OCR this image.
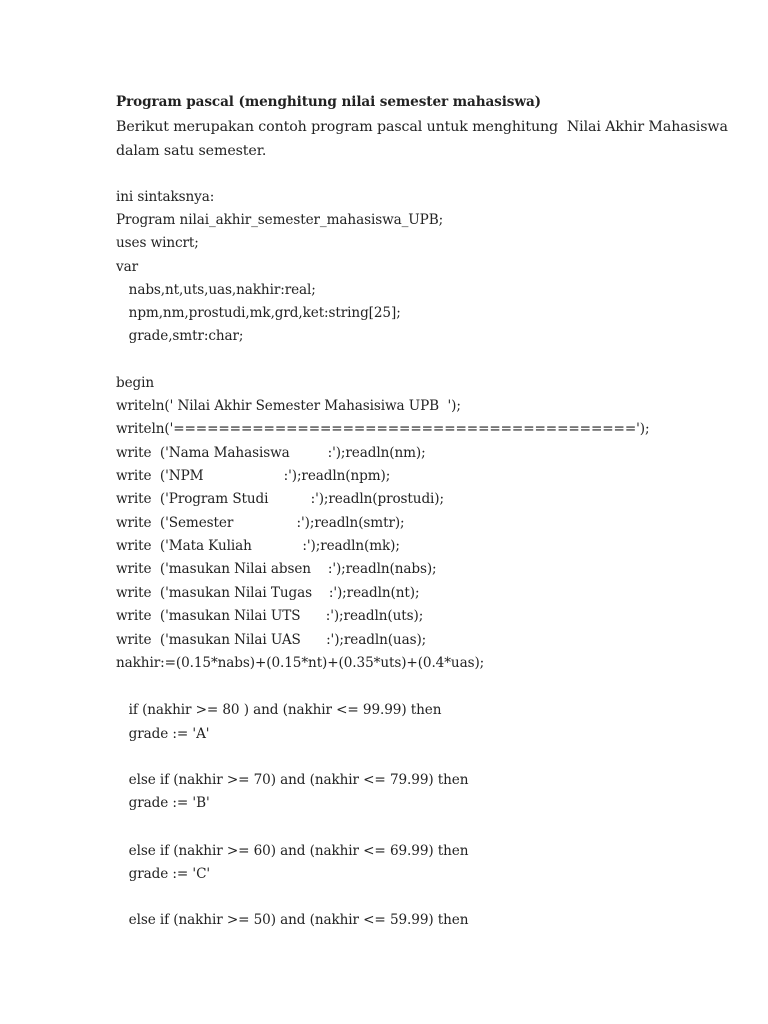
Program pascal (menghitung nilai semester mahasiswa)
Berikut merupakan contoh program pascal untuk menghitung  Nilai Akhir Mahasiswa
dalam satu semester.
ini sintaksnya:
Program nilai_akhir_semester_mahasiswa_UPB;
uses wincrt;
var
nabs,nt,uts,uas,nakhir:real;
npm,nm,prostudi,mk,grd,ket:string[25];
grade,smtr:char;
begin
writeln(' Nilai Akhir Semester Mahasisiwa UPB  ');
writeln('=========================================');
write  ('Nama Mahasiswa         :');readln(nm);
write  ('NPM                   :');readln(npm);
write  ('Program Studi          :');readln(prostudi);
write  ('Semester               :');readln(smtr);
write  ('Mata Kuliah            :');readln(mk);
write  ('masukan Nilai absen    :');readln(nabs);
write  ('masukan Nilai Tugas    :');readln(nt);
write  ('masukan Nilai UTS      :');readln(uts);
write  ('masukan Nilai UAS      :');readln(uas);
nakhir:=(0.15*nabs)+(0.15*nt)+(0.35*uts)+(0.4*uas);
if (nakhir >= 80 ) and (nakhir <= 99.99) then
grade := 'A'
else if (nakhir >= 70) and (nakhir <= 79.99) then
grade := 'B'
else if (nakhir >= 60) and (nakhir <= 69.99) then
grade := 'C'
else if (nakhir >= 50) and (nakhir <= 59.99) then
